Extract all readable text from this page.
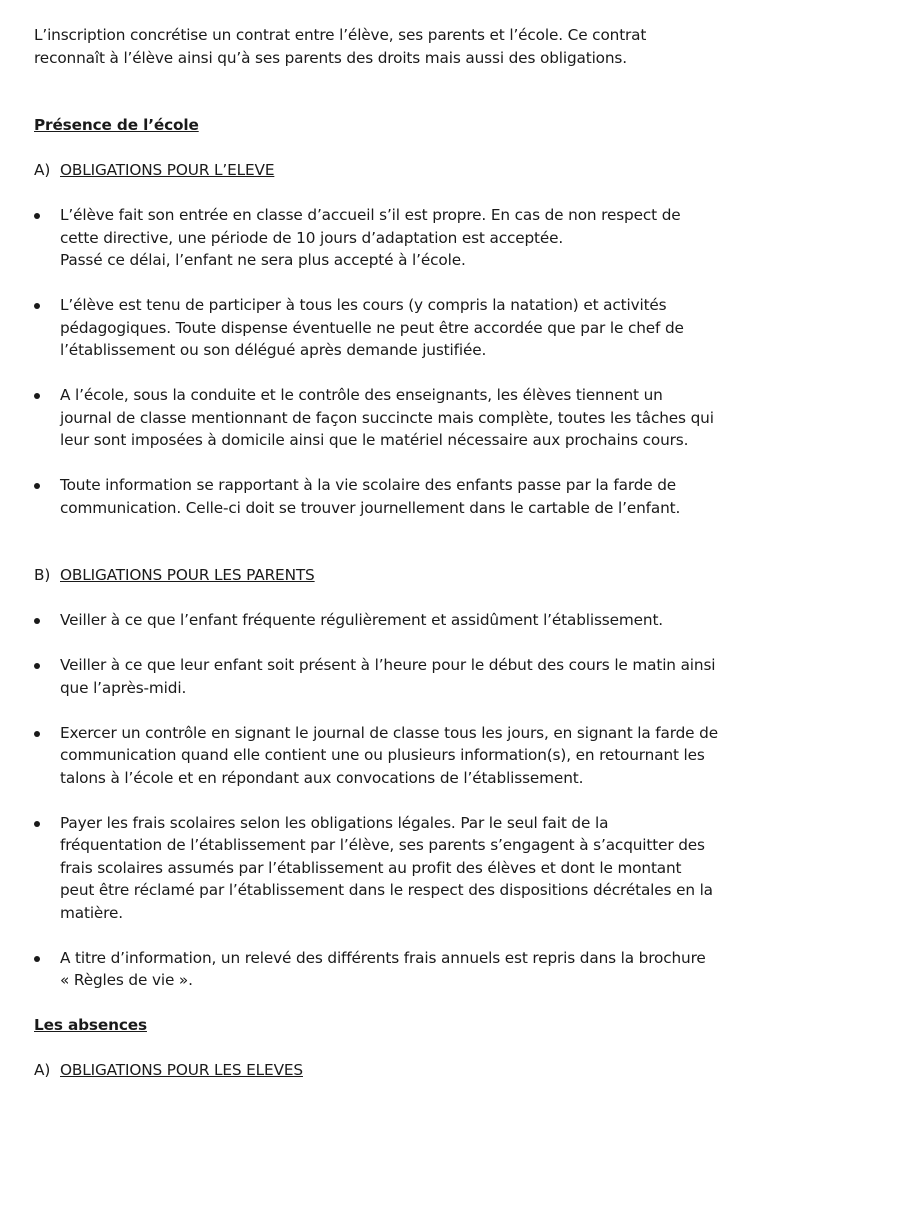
L’inscription concrétise un contrat entre l’élève, ses parents et l’école. Ce contrat

reconnaît à l’élève ainsi qu’à ses parents des droits mais aussi des obligations.

Présence de l’école

A) OBLIGATIONS POUR L’ELEVE

L’élève fait son entrée en classe d’accueil s’il est propre. En cas de non respect de
cette directive, une période de 10 jours d’adaptation est acceptée.
Passé ce délai, l’enfant ne sera plus accepté à l’école.
L’élève est tenu de participer à tous les cours (y compris la natation) et activités
pédagogiques. Toute dispense éventuelle ne peut être accordée que par le chef de
l’établissement ou son délégué après demande justifiée.
A l’école, sous la conduite et le contrôle des enseignants, les élèves tiennent un
journal de classe mentionnant de façon succincte mais complète, toutes les tâches qui
leur sont imposées à domicile ainsi que le matériel nécessaire aux prochains cours.
Toute information se rapportant à la vie scolaire des enfants passe par la farde de
communication. Celle-ci doit se trouver journellement dans le cartable de l’enfant.

B) OBLIGATIONS POUR LES PARENTS

Veiller à ce que l’enfant fréquente régulièrement et assidûment l’établissement.
Veiller à ce que leur enfant soit présent à l’heure pour le début des cours le matin ainsi
que l’après-midi.
Exercer un contrôle en signant le journal de classe tous les jours, en signant la farde de
communication quand elle contient une ou plusieurs information(s), en retournant les
talons à l’école et en répondant aux convocations de l’établissement.
Payer les frais scolaires selon les obligations légales. Par le seul fait de la
fréquentation de l’établissement par l’élève, ses parents s’engagent à s’acquitter des
frais scolaires assumés par l’établissement au profit des élèves et dont le montant
peut être réclamé par l’établissement dans le respect des dispositions décrétales en la
matière.
A titre d’information, un relevé des différents frais annuels est repris dans la brochure
« Règles de vie ».

Les absences

A) OBLIGATIONS POUR LES ELEVES
